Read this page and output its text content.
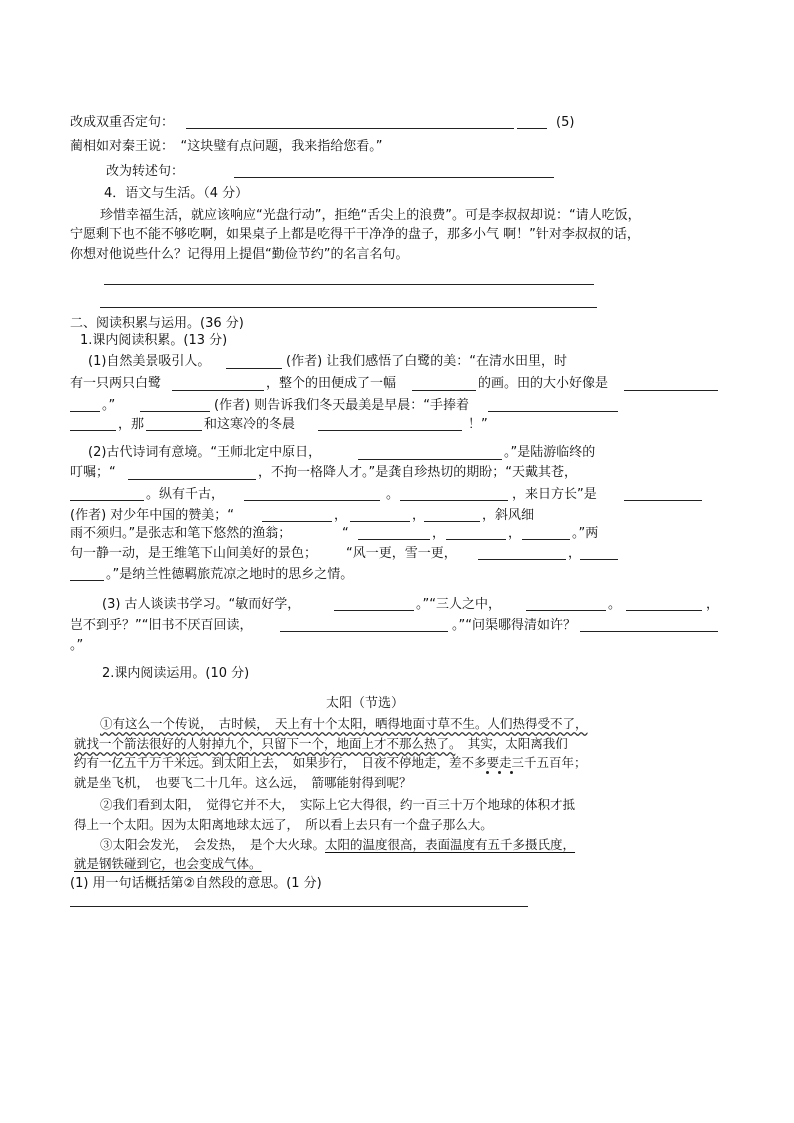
改成双重否定句：	(5)
蔺相如对秦王说：　“这块璧有点问题，我来指给您看。”
改为转述句：
4．语文与生活。（4 分）
珍惜幸福生活，就应该响应“光盘行动”，拒绝“舌尖上的浪费”。可是李叔叔却说：“请人吃饭，
宁愿剩下也不能不够吃啊，如果桌子上都是吃得干干净净的盘子，那多小气 啊！”针对李叔叔的话，
你想对他说些什么？记得用上提倡“勤俭节约”的名言名句。
二、阅读积累与运用。(36 分)
1.课内阅读积累。(13 分)
(1)自然美景吸引人。	(作者) 让我们感悟了白鹭的美：“在清水田里，时
有一只两只白鹭	，整个的田便成了一幅	的画。田的大小好像是
。”	(作者) 则告诉我们冬天最美是早晨：“手捧着
，那	和这寒冷的冬晨	！”
(2)古代诗词有意境。“王师北定中原日，	。”是陆游临终的
叮嘱；“	，不拘一格降人才。”是龚自珍热切的期盼；“天戴其苍，
。纵有千古，	。	，来日方长”是
(作者) 对少年中国的赞美；“	，	，	，斜风细
雨不须归。”是张志和笔下悠然的渔翁；	“	，	，	。”两
句一静一动，是王维笔下山间美好的景色； “风一更，雪一更，	，
。”是纳兰性德羁旅荒凉之地时的思乡之情。
(3) 古人谈读书学习。“敏而好学，	。”“三人之中，	。	，
岂不到乎？”“旧书不厌百回读，	。”“问渠哪得清如许？
。”
2.课内阅读运用。(10 分)
太阳（节选）
①有这么一个传说，　古时候，　天上有十个太阳，晒得地面寸草不生。人们热得受不了，
就找一个箭法很好的人射掉九个，只留下一个，地面上才不那么热了。　其实，太阳离我们
约有一亿五千万千米远。到太阳上去，　如果步行，　日夜不停地走，差不多要走三千五百年；
就是坐飞机，　也要飞二十几年。这么远，　箭哪能射得到呢？
②我们看到太阳，　觉得它并不大，　实际上它大得很，约一百三十万个地球的体积才抵
得上一个太阳。因为太阳离地球太远了，　所以看上去只有一个盘子那么大。
③太阳会发光，　会发热，　是个大火球。太阳的温度很高，表面温度有五千多摄氏度，
就是钢铁碰到它，也会变成气体。
(1) 用一句话概括第②自然段的意思。(1 分)
